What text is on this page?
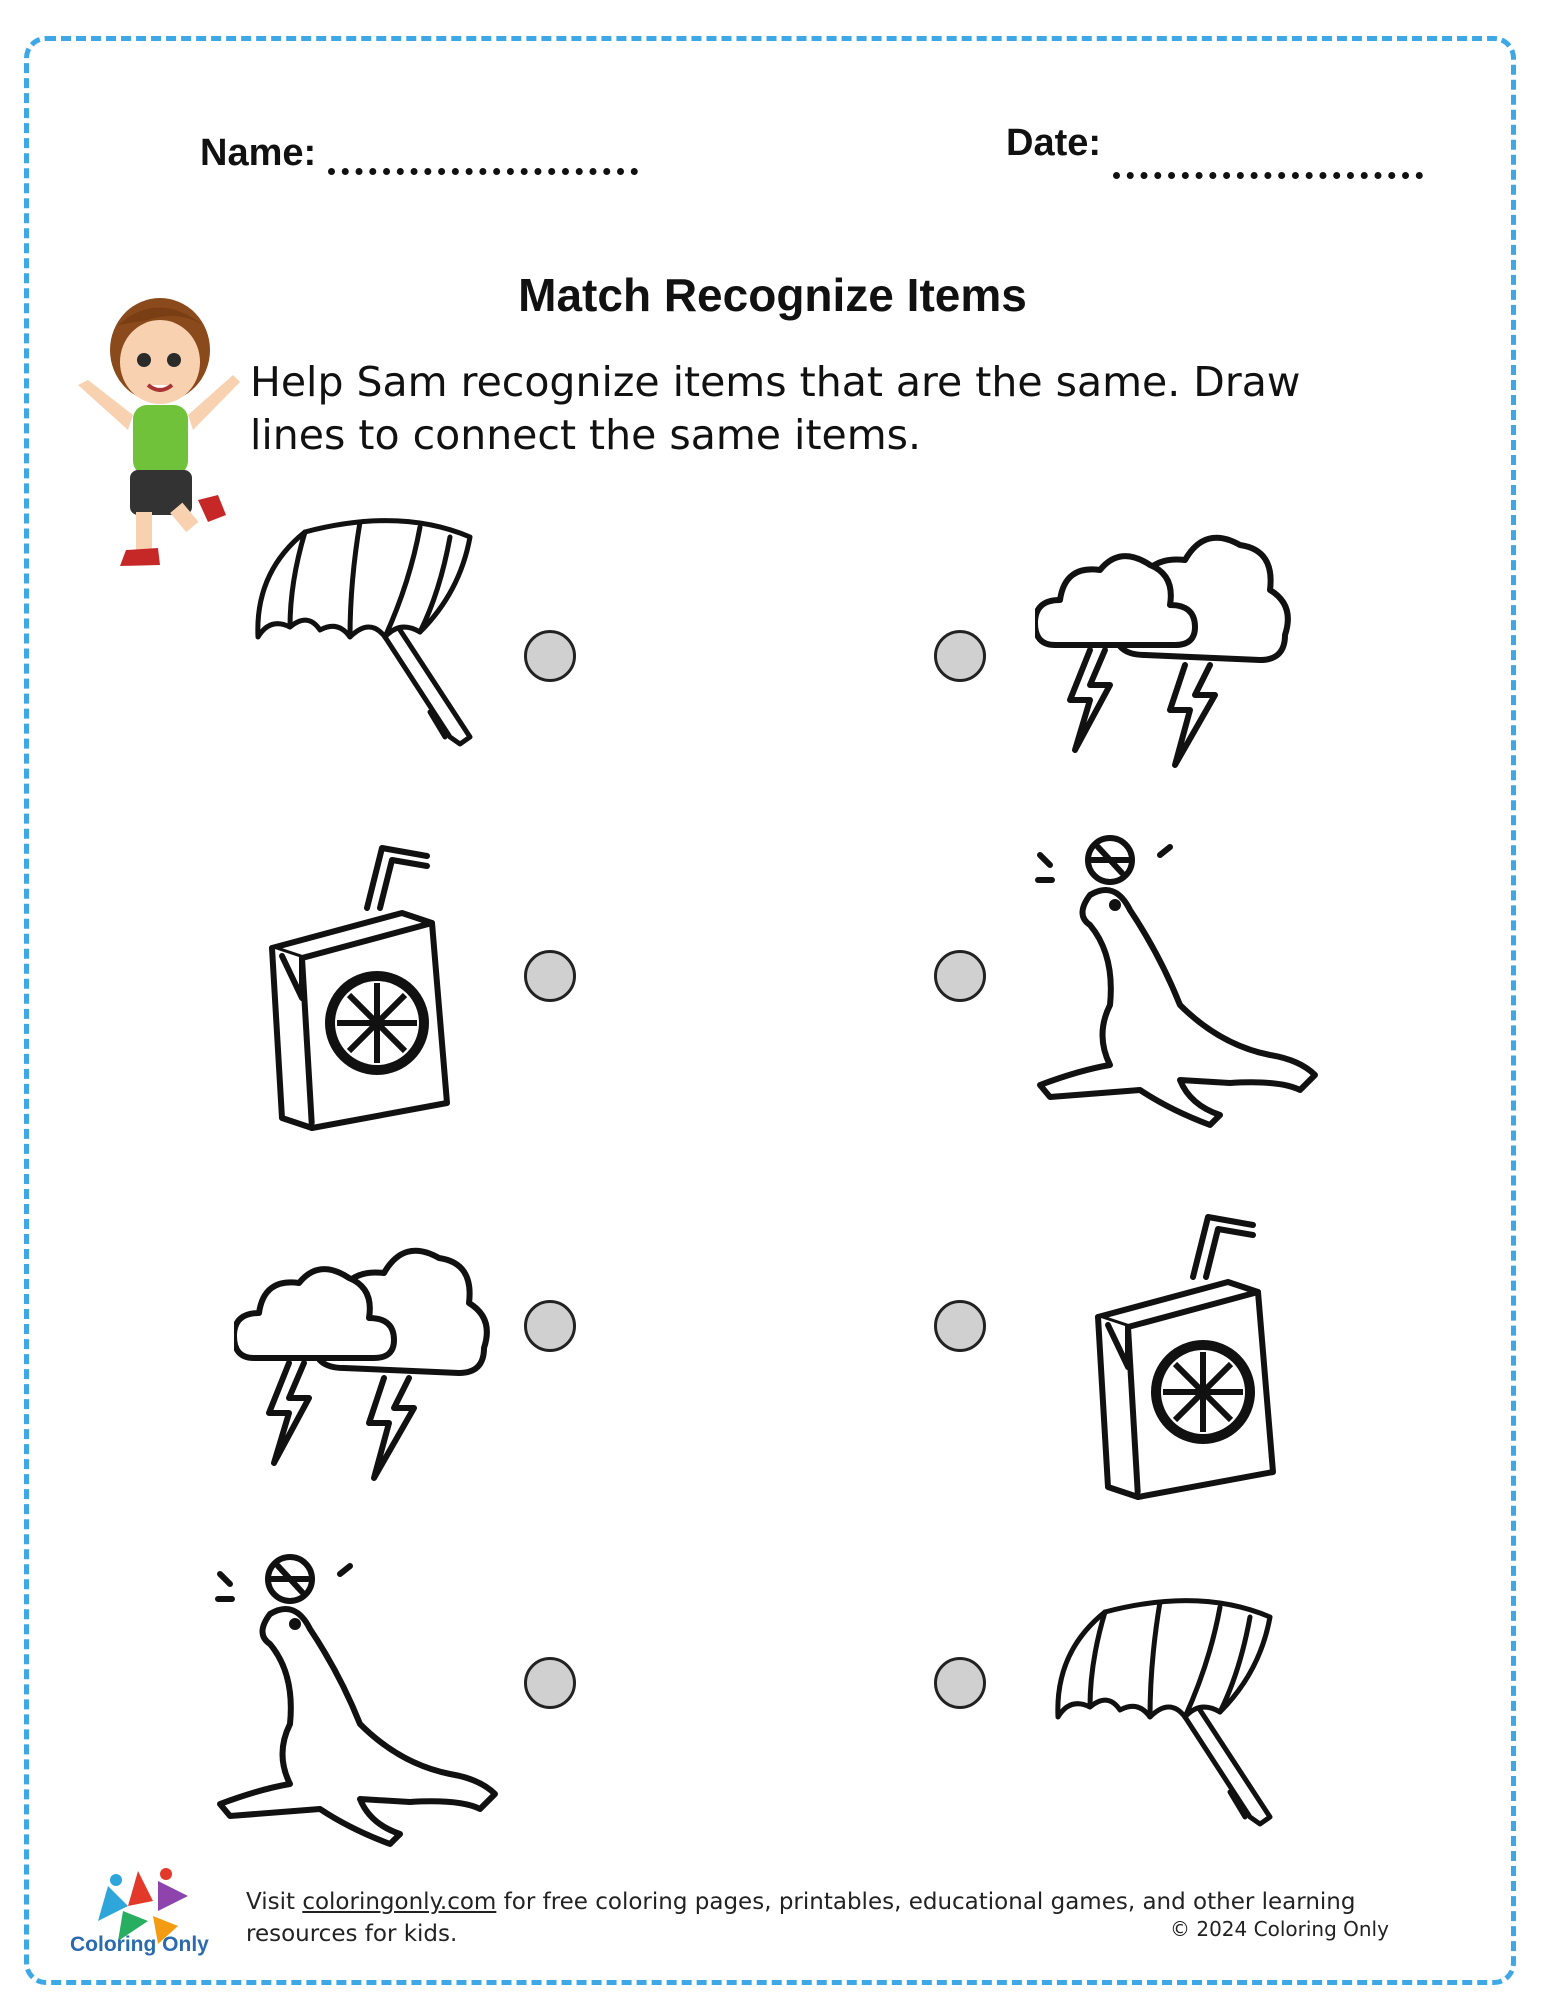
Name:	Date:
Match Recognize Items
Help Sam recognize items that are the same. Draw lines to connect the same items.
Coloring Only
Visit coloringonly.com for free coloring pages, printables, educational games, and other learning resources for kids.	© 2024 Coloring Only
